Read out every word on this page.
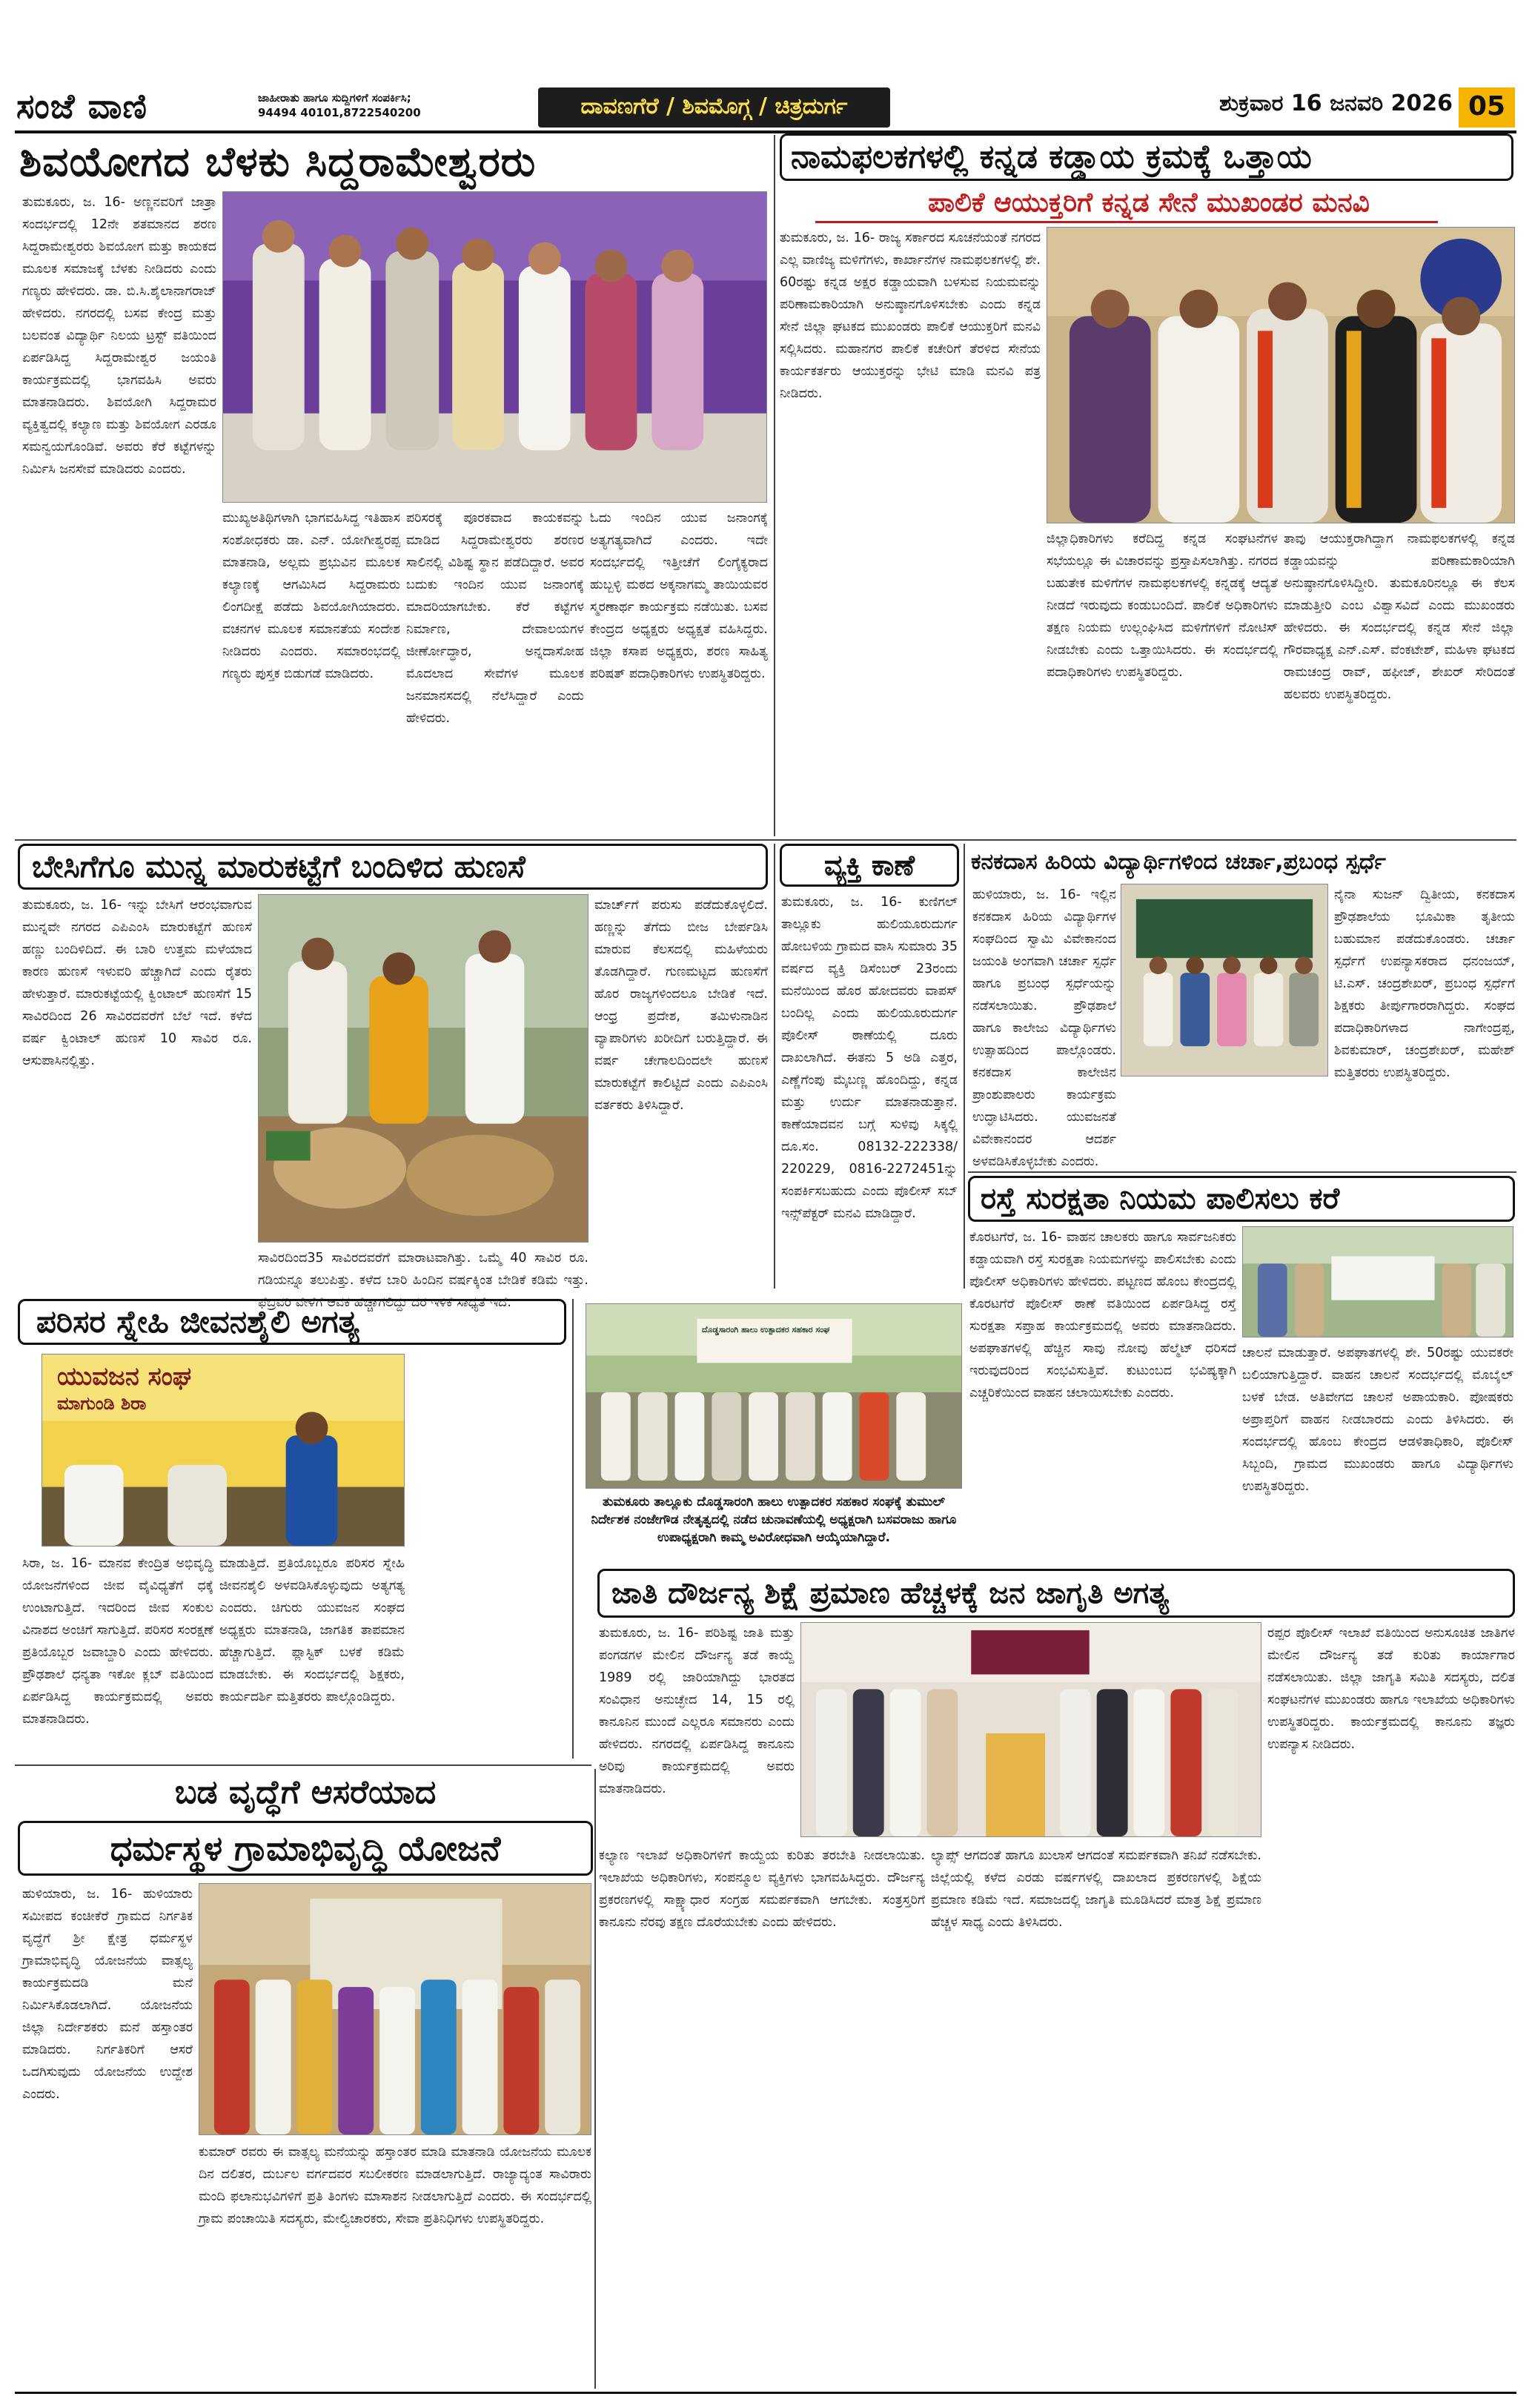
ಸಂಜೆ ವಾಣಿ	ಜಾಹೀರಾತು ಹಾಗೂ ಸುದ್ದಿಗಳಿಗೆ ಸಂಪರ್ಕಿಸಿ;
94494 40101,8722540200	ದಾವಣಗೆರೆ / ಶಿವಮೊಗ್ಗ / ಚಿತ್ರದುರ್ಗ	ಶುಕ್ರವಾರ 16 ಜನವರಿ 2026 05
ಶಿವಯೋಗದ ಬೆಳಕು ಸಿದ್ದರಾಮೇಶ್ವರರು
ತುಮಕೂರು, ಜ. 16- ಅಣ್ಣನವರಿಗೆ ಜಾತ್ರಾ ಸಂದರ್ಭದಲ್ಲಿ 12ನೇ ಶತಮಾನದ ಶರಣ ಸಿದ್ದರಾಮೇಶ್ವರರು ಶಿವಯೋಗ ಮತ್ತು ಕಾಯಕದ ಮೂಲಕ ಸಮಾಜಕ್ಕೆ ಬೆಳಕು ನೀಡಿದರು ಎಂದು ಗಣ್ಯರು ಹೇಳಿದರು. ಡಾ. ಬಿ.ಸಿ.ಶೈಲಾನಾಗರಾಜ್ ಹೇಳಿದರು. ನಗರದಲ್ಲಿ ಬಸವ ಕೇಂದ್ರ ಮತ್ತು ಬಲವಂತ ವಿದ್ಯಾರ್ಥಿ ನಿಲಯ ಟ್ರಸ್ಟ್ ವತಿಯಿಂದ ಏರ್ಪಡಿಸಿದ್ದ ಸಿದ್ದರಾಮೇಶ್ವರ ಜಯಂತಿ ಕಾರ್ಯಕ್ರಮದಲ್ಲಿ ಭಾಗವಹಿಸಿ ಅವರು ಮಾತನಾಡಿದರು. ಶಿವಯೋಗಿ ಸಿದ್ದರಾಮರ ವ್ಯಕ್ತಿತ್ವದಲ್ಲಿ ಕಲ್ಯಾಣ ಮತ್ತು ಶಿವಯೋಗ ಎರಡೂ ಸಮನ್ವಯಗೊಂಡಿವೆ. ಅವರು ಕೆರೆ ಕಟ್ಟೆಗಳನ್ನು ನಿರ್ಮಿಸಿ ಜನಸೇವೆ ಮಾಡಿದರು ಎಂದರು.
ಮುಖ್ಯಅತಿಥಿಗಳಾಗಿ ಭಾಗವಹಿಸಿದ್ದ ಇತಿಹಾಸ ಸಂಶೋಧಕರು ಡಾ. ಎನ್. ಯೋಗೀಶ್ವರಪ್ಪ ಮಾತನಾಡಿ, ಅಲ್ಲಮ ಪ್ರಭುವಿನ ಮೂಲಕ ಕಲ್ಯಾಣಕ್ಕೆ ಆಗಮಿಸಿದ ಸಿದ್ದರಾಮರು ಲಿಂಗದೀಕ್ಷೆ ಪಡೆದು ಶಿವಯೋಗಿಯಾದರು. ವಚನಗಳ ಮೂಲಕ ಸಮಾನತೆಯ ಸಂದೇಶ ನೀಡಿದರು ಎಂದರು. ಸಮಾರಂಭದಲ್ಲಿ ಗಣ್ಯರು ಪುಸ್ತಕ ಬಿಡುಗಡೆ ಮಾಡಿದರು.
ಪರಿಸರಕ್ಕೆ ಪೂರಕವಾದ ಕಾಯಕವನ್ನು ಮಾಡಿದ ಸಿದ್ದರಾಮೇಶ್ವರರು ಶರಣರ ಸಾಲಿನಲ್ಲಿ ವಿಶಿಷ್ಟ ಸ್ಥಾನ ಪಡೆದಿದ್ದಾರೆ. ಅವರ ಬದುಕು ಇಂದಿನ ಯುವ ಜನಾಂಗಕ್ಕೆ ಮಾದರಿಯಾಗಬೇಕು. ಕೆರೆ ಕಟ್ಟೆಗಳ ನಿರ್ಮಾಣ, ದೇವಾಲಯಗಳ ಜೀರ್ಣೋದ್ಧಾರ, ಅನ್ನದಾಸೋಹ ಮೊದಲಾದ ಸೇವೆಗಳ ಮೂಲಕ ಜನಮಾನಸದಲ್ಲಿ ನೆಲೆಸಿದ್ದಾರೆ ಎಂದು ಹೇಳಿದರು.
ಓದು ಇಂದಿನ ಯುವ ಜನಾಂಗಕ್ಕೆ ಅತ್ಯಗತ್ಯವಾಗಿದೆ ಎಂದರು. ಇದೇ ಸಂದರ್ಭದಲ್ಲಿ ಇತ್ತೀಚೆಗೆ ಲಿಂಗೈಕ್ಯರಾದ ಹುಬ್ಬಳ್ಳಿ ಮಠದ ಅಕ್ಕನಾಗಮ್ಮ ತಾಯಿಯವರ ಸ್ಮರಣಾರ್ಥ ಕಾರ್ಯಕ್ರಮ ನಡೆಯಿತು. ಬಸವ ಕೇಂದ್ರದ ಅಧ್ಯಕ್ಷರು ಅಧ್ಯಕ್ಷತೆ ವಹಿಸಿದ್ದರು. ಜಿಲ್ಲಾ ಕಸಾಪ ಅಧ್ಯಕ್ಷರು, ಶರಣ ಸಾಹಿತ್ಯ ಪರಿಷತ್ ಪದಾಧಿಕಾರಿಗಳು ಉಪಸ್ಥಿತರಿದ್ದರು.
ನಾಮಫಲಕಗಳಲ್ಲಿ ಕನ್ನಡ ಕಡ್ಡಾಯ ಕ್ರಮಕ್ಕೆ ಒತ್ತಾಯ
ಪಾಲಿಕೆ ಆಯುಕ್ತರಿಗೆ ಕನ್ನಡ ಸೇನೆ ಮುಖಂಡರ ಮನವಿ
ತುಮಕೂರು, ಜ. 16- ರಾಜ್ಯ ಸರ್ಕಾರದ ಸೂಚನೆಯಂತೆ ನಗರದ ಎಲ್ಲ ವಾಣಿಜ್ಯ ಮಳಿಗೆಗಳು, ಕಾರ್ಖಾನೆಗಳ ನಾಮಫಲಕಗಳಲ್ಲಿ ಶೇ. 60ರಷ್ಟು ಕನ್ನಡ ಅಕ್ಷರ ಕಡ್ಡಾಯವಾಗಿ ಬಳಸುವ ನಿಯಮವನ್ನು ಪರಿಣಾಮಕಾರಿಯಾಗಿ ಅನುಷ್ಠಾನಗೊಳಿಸಬೇಕು ಎಂದು ಕನ್ನಡ ಸೇನೆ ಜಿಲ್ಲಾ ಘಟಕದ ಮುಖಂಡರು ಪಾಲಿಕೆ ಆಯುಕ್ತರಿಗೆ ಮನವಿ ಸಲ್ಲಿಸಿದರು. ಮಹಾನಗರ ಪಾಲಿಕೆ ಕಚೇರಿಗೆ ತೆರಳಿದ ಸೇನೆಯ ಕಾರ್ಯಕರ್ತರು ಆಯುಕ್ತರನ್ನು ಭೇಟಿ ಮಾಡಿ ಮನವಿ ಪತ್ರ ನೀಡಿದರು.
ಜಿಲ್ಲಾಧಿಕಾರಿಗಳು ಕರೆದಿದ್ದ ಕನ್ನಡ ಸಂಘಟನೆಗಳ ಸಭೆಯಲ್ಲೂ ಈ ವಿಚಾರವನ್ನು ಪ್ರಸ್ತಾಪಿಸಲಾಗಿತ್ತು. ನಗರದ ಬಹುತೇಕ ಮಳಿಗೆಗಳ ನಾಮಫಲಕಗಳಲ್ಲಿ ಕನ್ನಡಕ್ಕೆ ಆದ್ಯತೆ ನೀಡದೆ ಇರುವುದು ಕಂಡುಬಂದಿದೆ. ಪಾಲಿಕೆ ಅಧಿಕಾರಿಗಳು ತಕ್ಷಣ ನಿಯಮ ಉಲ್ಲಂಘಿಸಿದ ಮಳಿಗೆಗಳಿಗೆ ನೋಟಿಸ್ ನೀಡಬೇಕು ಎಂದು ಒತ್ತಾಯಿಸಿದರು. ಈ ಸಂದರ್ಭದಲ್ಲಿ ಪದಾಧಿಕಾರಿಗಳು ಉಪಸ್ಥಿತರಿದ್ದರು.
ತಾವು ಆಯುಕ್ತರಾಗಿದ್ದಾಗ ನಾಮಫಲಕಗಳಲ್ಲಿ ಕನ್ನಡ ಕಡ್ಡಾಯವನ್ನು ಪರಿಣಾಮಕಾರಿಯಾಗಿ ಅನುಷ್ಠಾನಗೊಳಿಸಿದ್ದೀರಿ. ತುಮಕೂರಿನಲ್ಲೂ ಈ ಕೆಲಸ ಮಾಡುತ್ತೀರಿ ಎಂಬ ವಿಶ್ವಾಸವಿದೆ ಎಂದು ಮುಖಂಡರು ಹೇಳಿದರು. ಈ ಸಂದರ್ಭದಲ್ಲಿ ಕನ್ನಡ ಸೇನೆ ಜಿಲ್ಲಾ ಗೌರವಾಧ್ಯಕ್ಷ ಎನ್.ಎಸ್. ವೆಂಕಟೇಶ್, ಮಹಿಳಾ ಘಟಕದ ರಾಮಚಂದ್ರ ರಾವ್, ಹಫೀಜ್, ಶೇಖರ್ ಸೇರಿದಂತೆ ಹಲವರು ಉಪಸ್ಥಿತರಿದ್ದರು.
ಬೇಸಿಗೆಗೂ ಮುನ್ನ ಮಾರುಕಟ್ಟೆಗೆ ಬಂದಿಳಿದ ಹುಣಸೆ
ತುಮಕೂರು, ಜ. 16- ಇನ್ನು ಬೇಸಿಗೆ ಆರಂಭವಾಗುವ ಮುನ್ನವೇ ನಗರದ ಎಪಿಎಂಸಿ ಮಾರುಕಟ್ಟೆಗೆ ಹುಣಸೆ ಹಣ್ಣು ಬಂದಿಳಿದಿದೆ. ಈ ಬಾರಿ ಉತ್ತಮ ಮಳೆಯಾದ ಕಾರಣ ಹುಣಸೆ ಇಳುವರಿ ಹೆಚ್ಚಾಗಿದೆ ಎಂದು ರೈತರು ಹೇಳುತ್ತಾರೆ. ಮಾರುಕಟ್ಟೆಯಲ್ಲಿ ಕ್ವಿಂಟಾಲ್ ಹುಣಸೆಗೆ 15 ಸಾವಿರದಿಂದ 26 ಸಾವಿರದವರೆಗೆ ಬೆಲೆ ಇದೆ. ಕಳೆದ ವರ್ಷ ಕ್ವಿಂಟಾಲ್ ಹುಣಸೆ 10 ಸಾವಿರ ರೂ. ಆಸುಪಾಸಿನಲ್ಲಿತ್ತು.
ಸಾವಿರದಿಂದ35 ಸಾವಿರದವರೆಗೆ ಮಾರಾಟವಾಗಿತ್ತು. ಒಮ್ಮೆ 40 ಸಾವಿರ ರೂ. ಗಡಿಯನ್ನೂ ತಲುಪಿತ್ತು. ಕಳೆದ ಬಾರಿ ಹಿಂದಿನ ವರ್ಷಕ್ಕಿಂತ ಬೇಡಿಕೆ ಕಡಿಮೆ ಇತ್ತು. ಫೆಬ್ರವರಿ ವೇಳೆಗೆ ಆವಕ ಹೆಚ್ಚಾಗಲಿದ್ದು ದರ ಇಳಿಕೆ ಸಾಧ್ಯತೆ ಇದೆ.
ಮಾರ್ಚ್‌ಗೆ ಪರುಸು ಪಡೆದುಕೊಳ್ಳಲಿದೆ. ಹಣ್ಣನ್ನು ತೆಗೆದು ಬೀಜ ಬೇರ್ಪಡಿಸಿ ಮಾರುವ ಕೆಲಸದಲ್ಲಿ ಮಹಿಳೆಯರು ತೊಡಗಿದ್ದಾರೆ. ಗುಣಮಟ್ಟದ ಹುಣಸೆಗೆ ಹೊರ ರಾಜ್ಯಗಳಿಂದಲೂ ಬೇಡಿಕೆ ಇದೆ. ಆಂಧ್ರ ಪ್ರದೇಶ, ತಮಿಳುನಾಡಿನ ವ್ಯಾಪಾರಿಗಳು ಖರೀದಿಗೆ ಬರುತ್ತಿದ್ದಾರೆ. ಈ ವರ್ಷ ಚೇಗಾಲದಿಂದಲೇ ಹುಣಸೆ ಮಾರುಕಟ್ಟೆಗೆ ಕಾಲಿಟ್ಟಿದೆ ಎಂದು ಎಪಿಎಂಸಿ ವರ್ತಕರು ತಿಳಿಸಿದ್ದಾರೆ.
ವ್ಯಕ್ತಿ ಕಾಣೆ
ತುಮಕೂರು, ಜ. 16- ಕುಣಿಗಲ್ ತಾಲ್ಲೂಕು ಹುಲಿಯೂರುದುರ್ಗ ಹೋಬಳಿಯ ಗ್ರಾಮದ ವಾಸಿ ಸುಮಾರು 35 ವರ್ಷದ ವ್ಯಕ್ತಿ ಡಿಸೆಂಬರ್ 23ರಂದು ಮನೆಯಿಂದ ಹೊರ ಹೋದವರು ವಾಪಸ್ ಬಂದಿಲ್ಲ ಎಂದು ಹುಲಿಯೂರುದುರ್ಗ ಪೊಲೀಸ್ ಠಾಣೆಯಲ್ಲಿ ದೂರು ದಾಖಲಾಗಿದೆ. ಈತನು 5 ಅಡಿ ಎತ್ತರ, ಎಣ್ಣೆಗೆಂಪು ಮೈಬಣ್ಣ ಹೊಂದಿದ್ದು, ಕನ್ನಡ ಮತ್ತು ಉರ್ದು ಮಾತನಾಡುತ್ತಾನೆ. ಕಾಣೆಯಾದವನ ಬಗ್ಗೆ ಸುಳಿವು ಸಿಕ್ಕಲ್ಲಿ ದೂ.ಸಂ. 08132-222338/ 220229, 0816-2272451ನ್ನು ಸಂಪರ್ಕಿಸಬಹುದು ಎಂದು ಪೊಲೀಸ್ ಸಬ್ ಇನ್ಸ್‌ಪೆಕ್ಟರ್ ಮನವಿ ಮಾಡಿದ್ದಾರೆ.
ಕನಕದಾಸ ಹಿರಿಯ ವಿದ್ಯಾರ್ಥಿಗಳಿಂದ ಚರ್ಚಾ,ಪ್ರಬಂಧ ಸ್ಪರ್ಧೆ
ಹುಳಿಯಾರು, ಜ. 16- ಇಲ್ಲಿನ ಕನಕದಾಸ ಹಿರಿಯ ವಿದ್ಯಾರ್ಥಿಗಳ ಸಂಘದಿಂದ ಸ್ವಾಮಿ ವಿವೇಕಾನಂದ ಜಯಂತಿ ಅಂಗವಾಗಿ ಚರ್ಚಾ ಸ್ಪರ್ಧೆ ಹಾಗೂ ಪ್ರಬಂಧ ಸ್ಪರ್ಧೆಯನ್ನು ನಡೆಸಲಾಯಿತು. ಪ್ರೌಢಶಾಲೆ ಹಾಗೂ ಕಾಲೇಜು ವಿದ್ಯಾರ್ಥಿಗಳು ಉತ್ಸಾಹದಿಂದ ಪಾಲ್ಗೊಂಡರು. ಕನಕದಾಸ ಕಾಲೇಜಿನ ಪ್ರಾಂಶುಪಾಲರು ಕಾರ್ಯಕ್ರಮ ಉದ್ಘಾಟಿಸಿದರು. ಯುವಜನತೆ ವಿವೇಕಾನಂದರ ಆದರ್ಶ ಅಳವಡಿಸಿಕೊಳ್ಳಬೇಕು ಎಂದರು.
ನೈನಾ ಸುಜನ್ ದ್ವಿತೀಯ, ಕನಕದಾಸ ಪ್ರೌಢಶಾಲೆಯ ಭೂಮಿಕಾ ತೃತೀಯ ಬಹುಮಾನ ಪಡೆದುಕೊಂಡರು. ಚರ್ಚಾ ಸ್ಪರ್ಧೆಗೆ ಉಪನ್ಯಾಸಕರಾದ ಧನಂಜಯ್, ಟಿ.ಎಸ್. ಚಂದ್ರಶೇಖರ್, ಪ್ರಬಂಧ ಸ್ಪರ್ಧೆಗೆ ಶಿಕ್ಷಕರು ತೀರ್ಪುಗಾರರಾಗಿದ್ದರು. ಸಂಘದ ಪದಾಧಿಕಾರಿಗಳಾದ ನಾಗೇಂದ್ರಪ್ಪ, ಶಿವಕುಮಾರ್, ಚಂದ್ರಶೇಖರ್, ಮಹೇಶ್ ಮತ್ತಿತರರು ಉಪಸ್ಥಿತರಿದ್ದರು.
ರಸ್ತೆ ಸುರಕ್ಷತಾ ನಿಯಮ ಪಾಲಿಸಲು ಕರೆ
ಕೊರಟಗೆರೆ, ಜ. 16- ವಾಹನ ಚಾಲಕರು ಹಾಗೂ ಸಾರ್ವಜನಿಕರು ಕಡ್ಡಾಯವಾಗಿ ರಸ್ತೆ ಸುರಕ್ಷತಾ ನಿಯಮಗಳನ್ನು ಪಾಲಿಸಬೇಕು ಎಂದು ಪೊಲೀಸ್ ಅಧಿಕಾರಿಗಳು ಹೇಳಿದರು. ಪಟ್ಟಣದ ಹೊಂಬ ಕೇಂದ್ರದಲ್ಲಿ ಕೊರಟಗೆರೆ ಪೊಲೀಸ್ ಠಾಣೆ ವತಿಯಿಂದ ಏರ್ಪಡಿಸಿದ್ದ ರಸ್ತೆ ಸುರಕ್ಷತಾ ಸಪ್ತಾಹ ಕಾರ್ಯಕ್ರಮದಲ್ಲಿ ಅವರು ಮಾತನಾಡಿದರು. ಅಪಘಾತಗಳಲ್ಲಿ ಹೆಚ್ಚಿನ ಸಾವು ನೋವು ಹೆಲ್ಮೆಟ್ ಧರಿಸದೆ ಇರುವುದರಿಂದ ಸಂಭವಿಸುತ್ತಿವೆ. ಕುಟುಂಬದ ಭವಿಷ್ಯಕ್ಕಾಗಿ ಎಚ್ಚರಿಕೆಯಿಂದ ವಾಹನ ಚಲಾಯಿಸಬೇಕು ಎಂದರು.
ಚಾಲನೆ ಮಾಡುತ್ತಾರೆ. ಅಪಘಾತಗಳಲ್ಲಿ ಶೇ. 50ರಷ್ಟು ಯುವಕರೇ ಬಲಿಯಾಗುತ್ತಿದ್ದಾರೆ. ವಾಹನ ಚಾಲನೆ ಸಂದರ್ಭದಲ್ಲಿ ಮೊಬೈಲ್ ಬಳಕೆ ಬೇಡ. ಅತಿವೇಗದ ಚಾಲನೆ ಅಪಾಯಕಾರಿ. ಪೋಷಕರು ಅಪ್ರಾಪ್ತರಿಗೆ ವಾಹನ ನೀಡಬಾರದು ಎಂದು ತಿಳಿಸಿದರು. ಈ ಸಂದರ್ಭದಲ್ಲಿ ಹೊಂಬ ಕೇಂದ್ರದ ಆಡಳಿತಾಧಿಕಾರಿ, ಪೊಲೀಸ್ ಸಿಬ್ಬಂದಿ, ಗ್ರಾಮದ ಮುಖಂಡರು ಹಾಗೂ ವಿದ್ಯಾರ್ಥಿಗಳು ಉಪಸ್ಥಿತರಿದ್ದರು.
ಪರಿಸರ ಸ್ನೇಹಿ ಜೀವನಶೈಲಿ ಅಗತ್ಯ
ಯುವಜನ ಸಂಘ
ಮಾಗುಂಡಿ ಶಿರಾ
ಸಿರಾ, ಜ. 16- ಮಾನವ ಕೇಂದ್ರಿತ ಅಭಿವೃದ್ಧಿ ಯೋಜನೆಗಳಿಂದ ಜೀವ ವೈವಿಧ್ಯತೆಗೆ ಧಕ್ಕೆ ಉಂಟಾಗುತ್ತಿದೆ. ಇದರಿಂದ ಜೀವ ಸಂಕುಲ ವಿನಾಶದ ಅಂಚಿಗೆ ಸಾಗುತ್ತಿದೆ. ಪರಿಸರ ಸಂರಕ್ಷಣೆ ಪ್ರತಿಯೊಬ್ಬರ ಜವಾಬ್ದಾರಿ ಎಂದು ಹೇಳಿದರು. ಪ್ರೌಢಶಾಲೆ ಧನ್ಯತಾ ಇಕೋ ಕ್ಲಬ್ ವತಿಯಿಂದ ಏರ್ಪಡಿಸಿದ್ದ ಕಾರ್ಯಕ್ರಮದಲ್ಲಿ ಅವರು ಮಾತನಾಡಿದರು.
ಮಾಡುತ್ತಿದೆ. ಪ್ರತಿಯೊಬ್ಬರೂ ಪರಿಸರ ಸ್ನೇಹಿ ಜೀವನಶೈಲಿ ಅಳವಡಿಸಿಕೊಳ್ಳುವುದು ಅತ್ಯಗತ್ಯ ಎಂದರು. ಚಿಗುರು ಯುವಜನ ಸಂಘದ ಅಧ್ಯಕ್ಷರು ಮಾತನಾಡಿ, ಜಾಗತಿಕ ತಾಪಮಾನ ಹೆಚ್ಚಾಗುತ್ತಿದೆ. ಪ್ಲಾಸ್ಟಿಕ್ ಬಳಕೆ ಕಡಿಮೆ ಮಾಡಬೇಕು. ಈ ಸಂದರ್ಭದಲ್ಲಿ ಶಿಕ್ಷಕರು, ಕಾರ್ಯದರ್ಶಿ ಮತ್ತಿತರರು ಪಾಲ್ಗೊಂಡಿದ್ದರು.
ದೊಡ್ಡಸಾರಂಗಿ ಹಾಲು ಉತ್ಪಾದಕರ ಸಹಕಾರ ಸಂಘ
ತುಮಕೂರು ತಾಲ್ಲೂಕು ದೊಡ್ಡಸಾರಂಗಿ ಹಾಲು ಉತ್ಪಾದಕರ ಸಹಕಾರ ಸಂಘಕ್ಕೆ ತುಮುಲ್ ನಿರ್ದೇಶಕ ನಂಜೇಗೌಡ ನೇತೃತ್ವದಲ್ಲಿ ನಡೆದ ಚುನಾವಣೆಯಲ್ಲಿ ಅಧ್ಯಕ್ಷರಾಗಿ ಬಸವರಾಜು ಹಾಗೂ ಉಪಾಧ್ಯಕ್ಷರಾಗಿ ಕಾಮ್ಮ ಅವಿರೋಧವಾಗಿ ಆಯ್ಕೆಯಾಗಿದ್ದಾರೆ.
ಜಾತಿ ದೌರ್ಜನ್ಯ ಶಿಕ್ಷೆ ಪ್ರಮಾಣ ಹೆಚ್ಚಳಕ್ಕೆ ಜನ ಜಾಗೃತಿ ಅಗತ್ಯ
ತುಮಕೂರು, ಜ. 16- ಪರಿಶಿಷ್ಟ ಜಾತಿ ಮತ್ತು ಪಂಗಡಗಳ ಮೇಲಿನ ದೌರ್ಜನ್ಯ ತಡೆ ಕಾಯ್ದೆ 1989 ರಲ್ಲಿ ಜಾರಿಯಾಗಿದ್ದು ಭಾರತದ ಸಂವಿಧಾನ ಅನುಚ್ಛೇದ 14, 15 ರಲ್ಲಿ ಕಾನೂನಿನ ಮುಂದೆ ಎಲ್ಲರೂ ಸಮಾನರು ಎಂದು ಹೇಳಿದರು. ನಗರದಲ್ಲಿ ಏರ್ಪಡಿಸಿದ್ದ ಕಾನೂನು ಅರಿವು ಕಾರ್ಯಕ್ರಮದಲ್ಲಿ ಅವರು ಮಾತನಾಡಿದರು.
ರಪ್ಪರ ಪೊಲೀಸ್ ಇಲಾಖೆ ವತಿಯಿಂದ ಅನುಸೂಚಿತ ಜಾತಿಗಳ ಮೇಲಿನ ದೌರ್ಜನ್ಯ ತಡೆ ಕುರಿತು ಕಾರ್ಯಾಗಾರ ನಡೆಸಲಾಯಿತು. ಜಿಲ್ಲಾ ಜಾಗೃತಿ ಸಮಿತಿ ಸದಸ್ಯರು, ದಲಿತ ಸಂಘಟನೆಗಳ ಮುಖಂಡರು ಹಾಗೂ ಇಲಾಖೆಯ ಅಧಿಕಾರಿಗಳು ಉಪಸ್ಥಿತರಿದ್ದರು. ಕಾರ್ಯಕ್ರಮದಲ್ಲಿ ಕಾನೂನು ತಜ್ಞರು ಉಪನ್ಯಾಸ ನೀಡಿದರು.
ಕಲ್ಯಾಣ ಇಲಾಖೆ ಅಧಿಕಾರಿಗಳಿಗೆ ಕಾಯ್ದೆಯ ಕುರಿತು ತರಬೇತಿ ನೀಡಲಾಯಿತು. ಇಲಾಖೆಯ ಅಧಿಕಾರಿಗಳು, ಸಂಪನ್ಮೂಲ ವ್ಯಕ್ತಿಗಳು ಭಾಗವಹಿಸಿದ್ದರು. ದೌರ್ಜನ್ಯ ಪ್ರಕರಣಗಳಲ್ಲಿ ಸಾಕ್ಷ್ಯಾಧಾರ ಸಂಗ್ರಹ ಸಮರ್ಪಕವಾಗಿ ಆಗಬೇಕು. ಸಂತ್ರಸ್ತರಿಗೆ ಕಾನೂನು ನೆರವು ತಕ್ಷಣ ದೊರೆಯಬೇಕು ಎಂದು ಹೇಳಿದರು.
ಲ್ಯಾಪ್ಸ್ ಆಗದಂತೆ ಹಾಗೂ ಖುಲಾಸೆ ಆಗದಂತೆ ಸಮರ್ಪಕವಾಗಿ ತನಿಖೆ ನಡೆಸಬೇಕು. ಜಿಲ್ಲೆಯಲ್ಲಿ ಕಳೆದ ಎರಡು ವರ್ಷಗಳಲ್ಲಿ ದಾಖಲಾದ ಪ್ರಕರಣಗಳಲ್ಲಿ ಶಿಕ್ಷೆಯ ಪ್ರಮಾಣ ಕಡಿಮೆ ಇದೆ. ಸಮಾಜದಲ್ಲಿ ಜಾಗೃತಿ ಮೂಡಿಸಿದರೆ ಮಾತ್ರ ಶಿಕ್ಷೆ ಪ್ರಮಾಣ ಹೆಚ್ಚಳ ಸಾಧ್ಯ ಎಂದು ತಿಳಿಸಿದರು.
ಬಡ ವೃದ್ಧೆಗೆ ಆಸರೆಯಾದ
ಧರ್ಮಸ್ಥಳ ಗ್ರಾಮಾಭಿವೃದ್ಧಿ ಯೋಜನೆ
ಹುಳಿಯಾರು, ಜ. 16- ಹುಳಿಯಾರು ಸಮೀಪದ ಕಂಚೀಕೆರೆ ಗ್ರಾಮದ ನಿರ್ಗತಿಕ ವೃದ್ಧೆಗೆ ಶ್ರೀ ಕ್ಷೇತ್ರ ಧರ್ಮಸ್ಥಳ ಗ್ರಾಮಾಭಿವೃದ್ಧಿ ಯೋಜನೆಯ ವಾತ್ಸಲ್ಯ ಕಾರ್ಯಕ್ರಮದಡಿ ಮನೆ ನಿರ್ಮಿಸಿಕೊಡಲಾಗಿದೆ. ಯೋಜನೆಯ ಜಿಲ್ಲಾ ನಿರ್ದೇಶಕರು ಮನೆ ಹಸ್ತಾಂತರ ಮಾಡಿದರು. ನಿರ್ಗತಿಕರಿಗೆ ಆಸರೆ ಒದಗಿಸುವುದು ಯೋಜನೆಯ ಉದ್ದೇಶ ಎಂದರು.
ಕುಮಾರ್ ರವರು ಈ ವಾತ್ಸಲ್ಯ ಮನೆಯನ್ನು ಹಸ್ತಾಂತರ ಮಾಡಿ ಮಾತನಾಡಿ ಯೋಜನೆಯ ಮೂಲಕ ದಿನ ದಲಿತರ, ದುರ್ಬಲ ವರ್ಗದವರ ಸಬಲೀಕರಣ ಮಾಡಲಾಗುತ್ತಿದೆ. ರಾಜ್ಯಾದ್ಯಂತ ಸಾವಿರಾರು ಮಂದಿ ಫಲಾನುಭವಿಗಳಿಗೆ ಪ್ರತಿ ತಿಂಗಳು ಮಾಸಾಶನ ನೀಡಲಾಗುತ್ತಿದೆ ಎಂದರು. ಈ ಸಂದರ್ಭದಲ್ಲಿ ಗ್ರಾಮ ಪಂಚಾಯಿತಿ ಸದಸ್ಯರು, ಮೇಲ್ವಿಚಾರಕರು, ಸೇವಾ ಪ್ರತಿನಿಧಿಗಳು ಉಪಸ್ಥಿತರಿದ್ದರು.
